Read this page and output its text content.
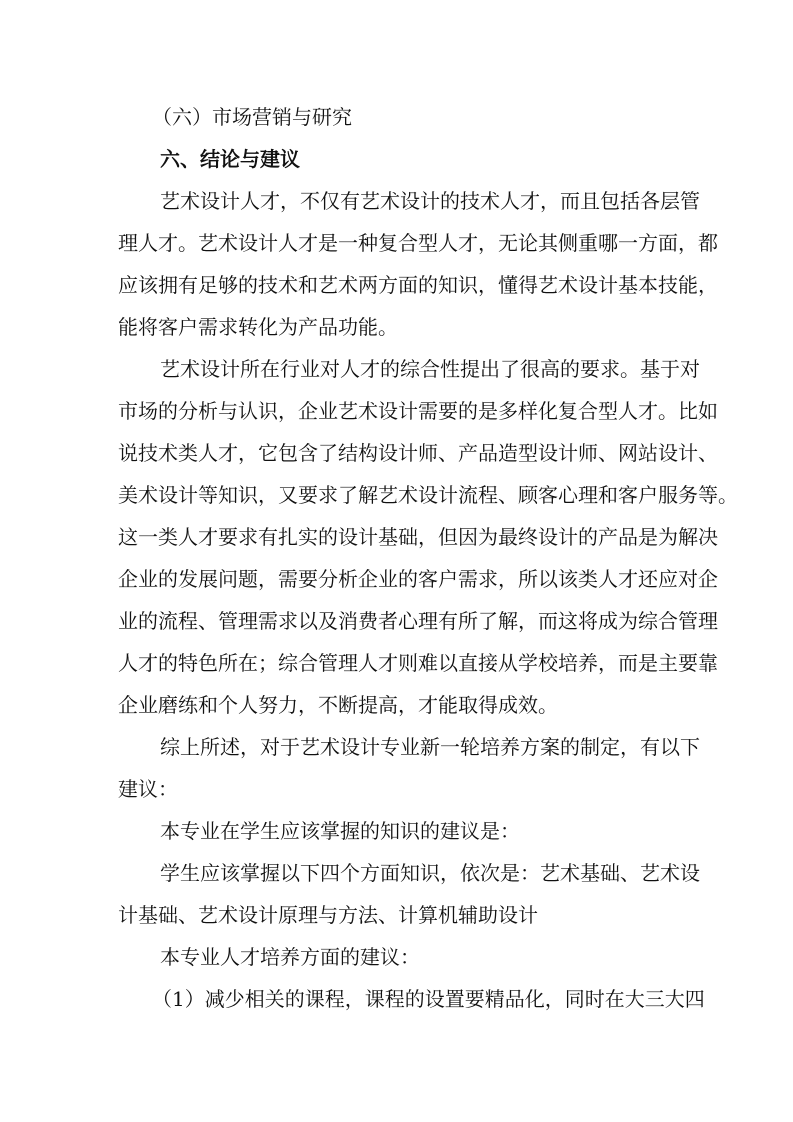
（六）市场营销与研究
六、结论与建议
艺术设计人才，不仅有艺术设计的技术人才，而且包括各层管
理人才。艺术设计人才是一种复合型人才，无论其侧重哪一方面，都
应该拥有足够的技术和艺术两方面的知识，懂得艺术设计基本技能，
能将客户需求转化为产品功能。
艺术设计所在行业对人才的综合性提出了很高的要求。基于对
市场的分析与认识，企业艺术设计需要的是多样化复合型人才。比如
说技术类人才，它包含了结构设计师、产品造型设计师、网站设计、
美术设计等知识，又要求了解艺术设计流程、顾客心理和客户服务等。
这一类人才要求有扎实的设计基础，但因为最终设计的产品是为解决
企业的发展问题，需要分析企业的客户需求，所以该类人才还应对企
业的流程、管理需求以及消费者心理有所了解，而这将成为综合管理
人才的特色所在；综合管理人才则难以直接从学校培养，而是主要靠
企业磨练和个人努力，不断提高，才能取得成效。
综上所述，对于艺术设计专业新一轮培养方案的制定，有以下
建议：
本专业在学生应该掌握的知识的建议是：
学生应该掌握以下四个方面知识，依次是：艺术基础、艺术设
计基础、艺术设计原理与方法、计算机辅助设计
本专业人才培养方面的建议：
（1）减少相关的课程，课程的设置要精品化，同时在大三大四
